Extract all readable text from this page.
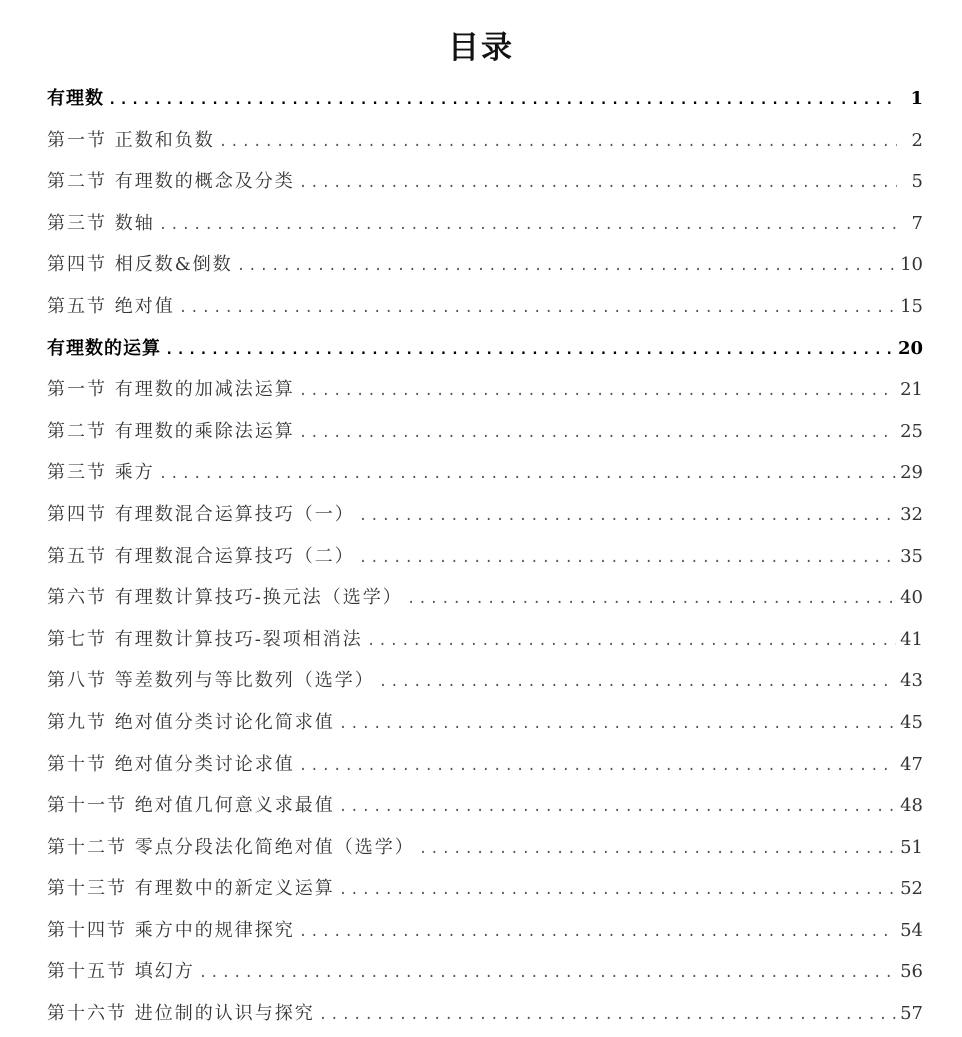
目录
有理数 .....	1
第一节 正数和负数 .....	2
第二节 有理数的概念及分类 .....	5
第三节 数轴 .....	7
第四节 相反数&倒数 .....	10
第五节 绝对值 .....	15
有理数的运算 .....	20
第一节 有理数的加减法运算 .....	21
第二节 有理数的乘除法运算 .....	25
第三节 乘方 .....	29
第四节 有理数混合运算技巧（一） .....	32
第五节 有理数混合运算技巧（二） .....	35
第六节 有理数计算技巧-换元法（选学） .....	40
第七节 有理数计算技巧-裂项相消法 .....	41
第八节 等差数列与等比数列（选学） .....	43
第九节 绝对值分类讨论化简求值 .....	45
第十节 绝对值分类讨论求值 .....	47
第十一节 绝对值几何意义求最值 .....	48
第十二节 零点分段法化简绝对值（选学） .....	51
第十三节 有理数中的新定义运算 .....	52
第十四节 乘方中的规律探究 .....	54
第十五节 填幻方 .....	56
第十六节 进位制的认识与探究 .....	57
